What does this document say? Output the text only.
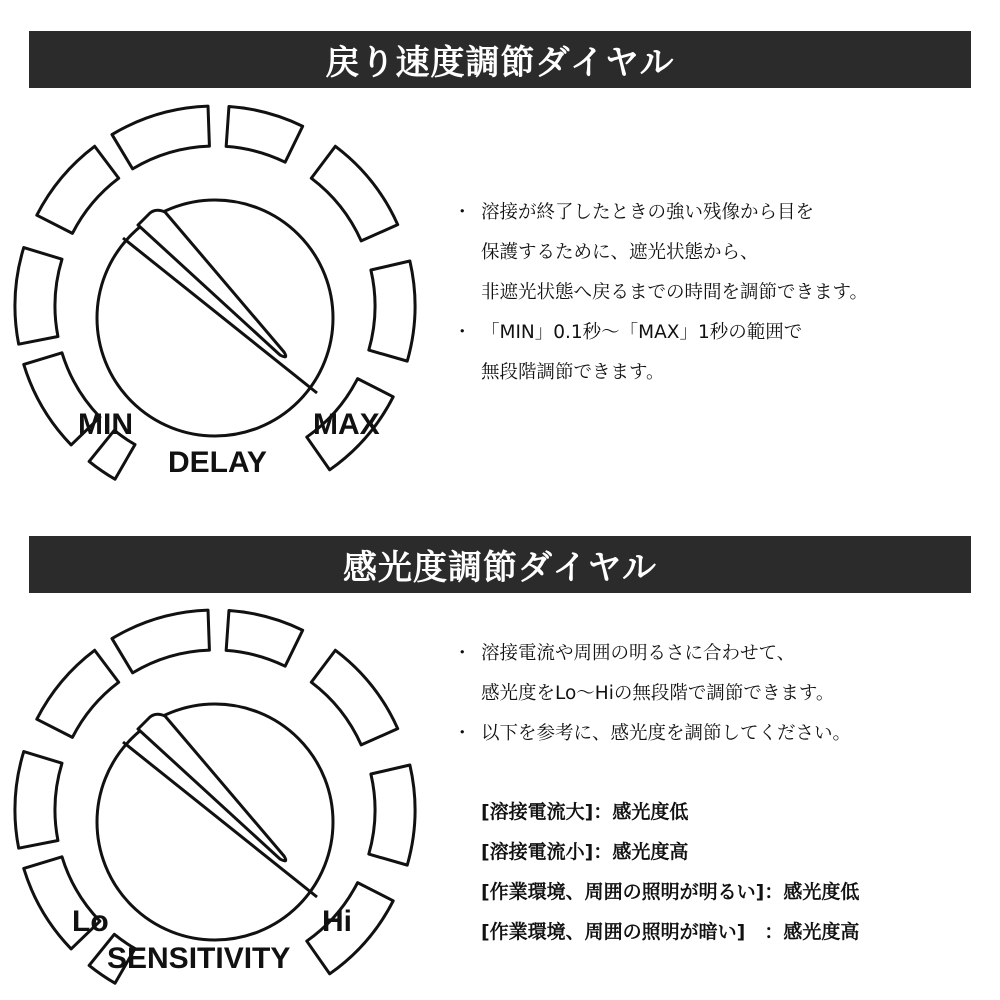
戻り速度調節ダイヤル
MIN	MAX
DELAY
・ 溶接が終了したときの強い残像から目を
保護するために、遮光状態から、
非遮光状態へ戻るまでの時間を調節できます。
・ 「MIN」0.1秒〜「MAX」1秒の範囲で
無段階調節できます。
感光度調節ダイヤル
Lo	Hi
SENSITIVITY
・ 溶接電流や周囲の明るさに合わせて、
感光度をLo〜Hiの無段階で調節できます。
・ 以下を参考に、感光度を調節してください。
[溶接電流大]：感光度低
[溶接電流小]：感光度高
[作業環境、周囲の照明が明るい]：感光度低
[作業環境、周囲の照明が暗い]　：感光度高
